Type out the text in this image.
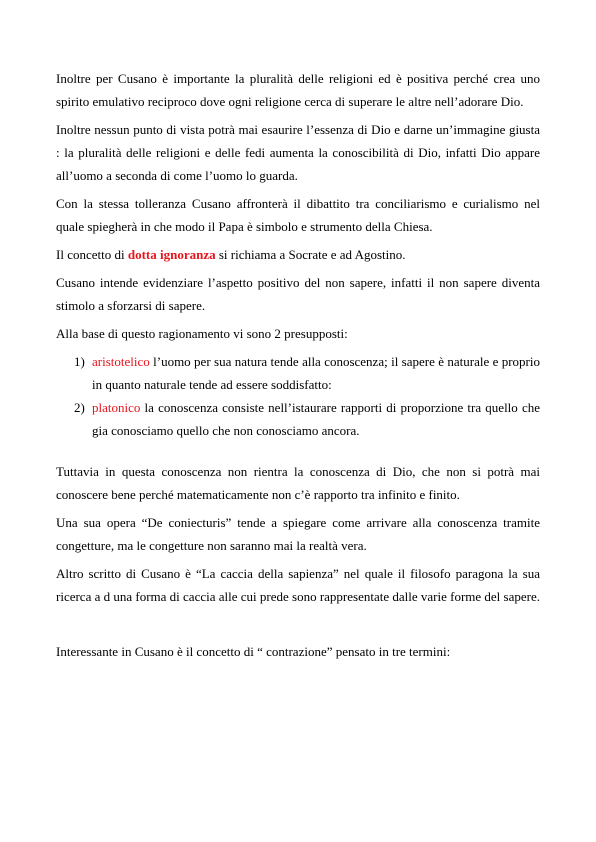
Inoltre per Cusano è importante la pluralità delle religioni ed è positiva perché crea uno spirito emulativo reciproco dove ogni religione cerca di superare le altre nell’adorare Dio.

Inoltre nessun punto di vista potrà mai esaurire l’essenza di Dio e darne un’immagine giusta : la pluralità delle religioni e delle fedi aumenta la conoscibilità di Dio, infatti Dio appare all’uomo a seconda di come l’uomo lo guarda.

Con la stessa tolleranza Cusano affronterà il dibattito tra conciliarismo e curialismo nel quale spiegherà in che modo il Papa è simbolo e strumento della Chiesa.

Il concetto di dotta ignoranza si richiama a Socrate e ad Agostino.

Cusano intende evidenziare l’aspetto positivo del non sapere, infatti il non sapere diventa stimolo a sforzarsi di sapere.

Alla base di questo ragionamento vi sono 2 presupposti:

1) aristotelico l’uomo per sua natura tende alla conoscenza; il sapere è naturale e proprio in quanto naturale tende ad essere soddisfatto:
2) platonico la conoscenza consiste nell’istaurare rapporti di proporzione tra quello che gia conosciamo quello che non conosciamo ancora.

Tuttavia in questa conoscenza non rientra la conoscenza di Dio, che non si potrà mai conoscere bene perché matematicamente non c’è rapporto tra infinito e finito.

Una sua opera “De coniecturis” tende a spiegare come arrivare alla conoscenza tramite congetture, ma le congetture non saranno mai la realtà vera.

Altro scritto di Cusano è “La caccia della sapienza” nel quale il filosofo paragona la sua ricerca a d una forma di caccia alle cui prede sono rappresentate dalle varie forme del sapere.

Interessante in Cusano è il concetto di “ contrazione” pensato in tre termini:
